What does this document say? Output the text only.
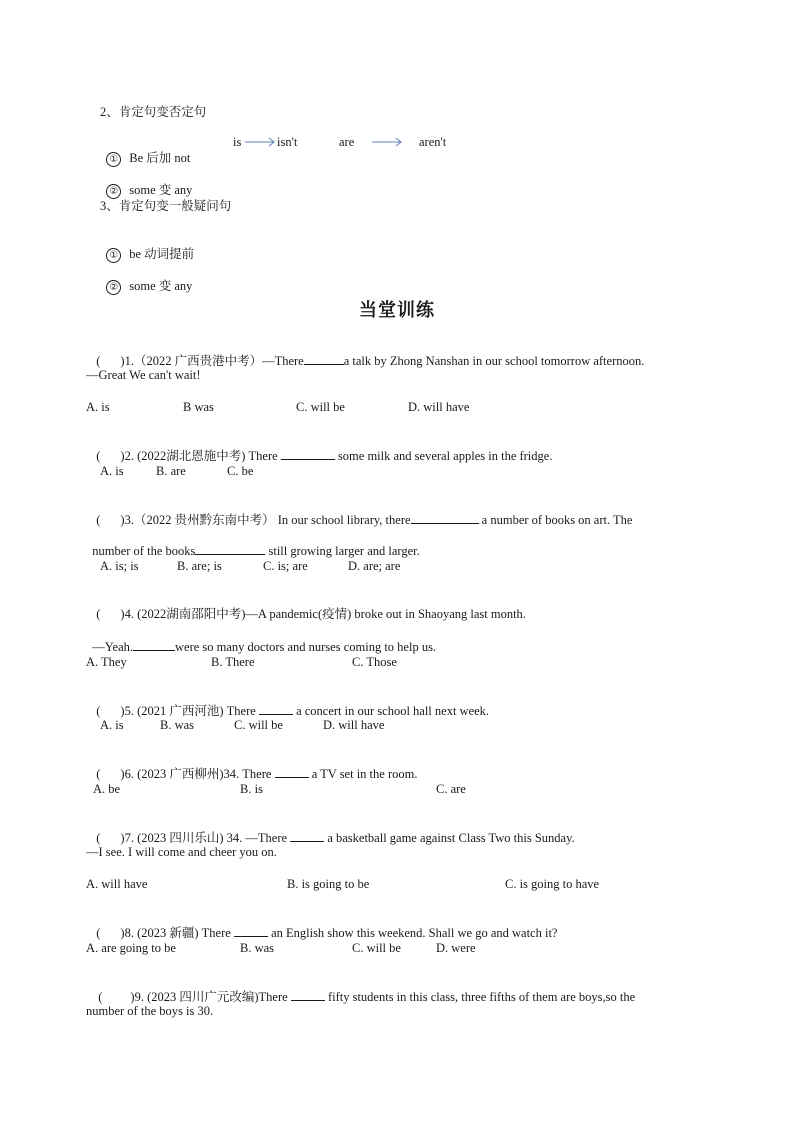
2、肯定句变否定句

① Be 后加 not

is	isn't	are	aren't

② some 变 any

3、肯定句变一般疑问句

① be 动词提前

② some 变 any

当堂训练

( )1.（2022 广西贵港中考）—There	a talk by Zhong Nanshan in our school tomorrow afternoon.

—Great We can't wait!
A. is	B was	C. will be	D. will have

( )2. (2022湖北恩施中考) There	some milk and several apples in the fridge.

A. is	B. are	C. be

( )3.（2022 贵州黔东南中考） In our school library, there	a number of books on art. The

number of the books	still growing larger and larger.

A. is; is	B. are; is	C. is; are	D. are; are

( )4. (2022湖南邵阳中考)—A pandemic(疫情) broke out in Shaoyang last month.

—Yeah.	were so many doctors and nurses coming to help us.

A. They	B. There	C. Those

( )5. (2021 广西河池) There	a concert in our school hall next week.

A. is	B. was	C. will be	D. will have

( )6. (2023 广西柳州)34. There	a TV set in the room.

A. be	B. is	C. are

( )7. (2023 四川乐山) 34. —There	a basketball game against Class Two this Sunday.

—I see. I will come and cheer you on.
A. will have	B. is going to be	C. is going to have

( )8. (2023 新疆) There	an English show this weekend. Shall we go and watch it?

A. are going to be	B. was	C. will be	D. were

( )9. (2023 四川广元改编)There	fifty students in this class, three fifths of them are boys,so the

number of the boys is 30.
